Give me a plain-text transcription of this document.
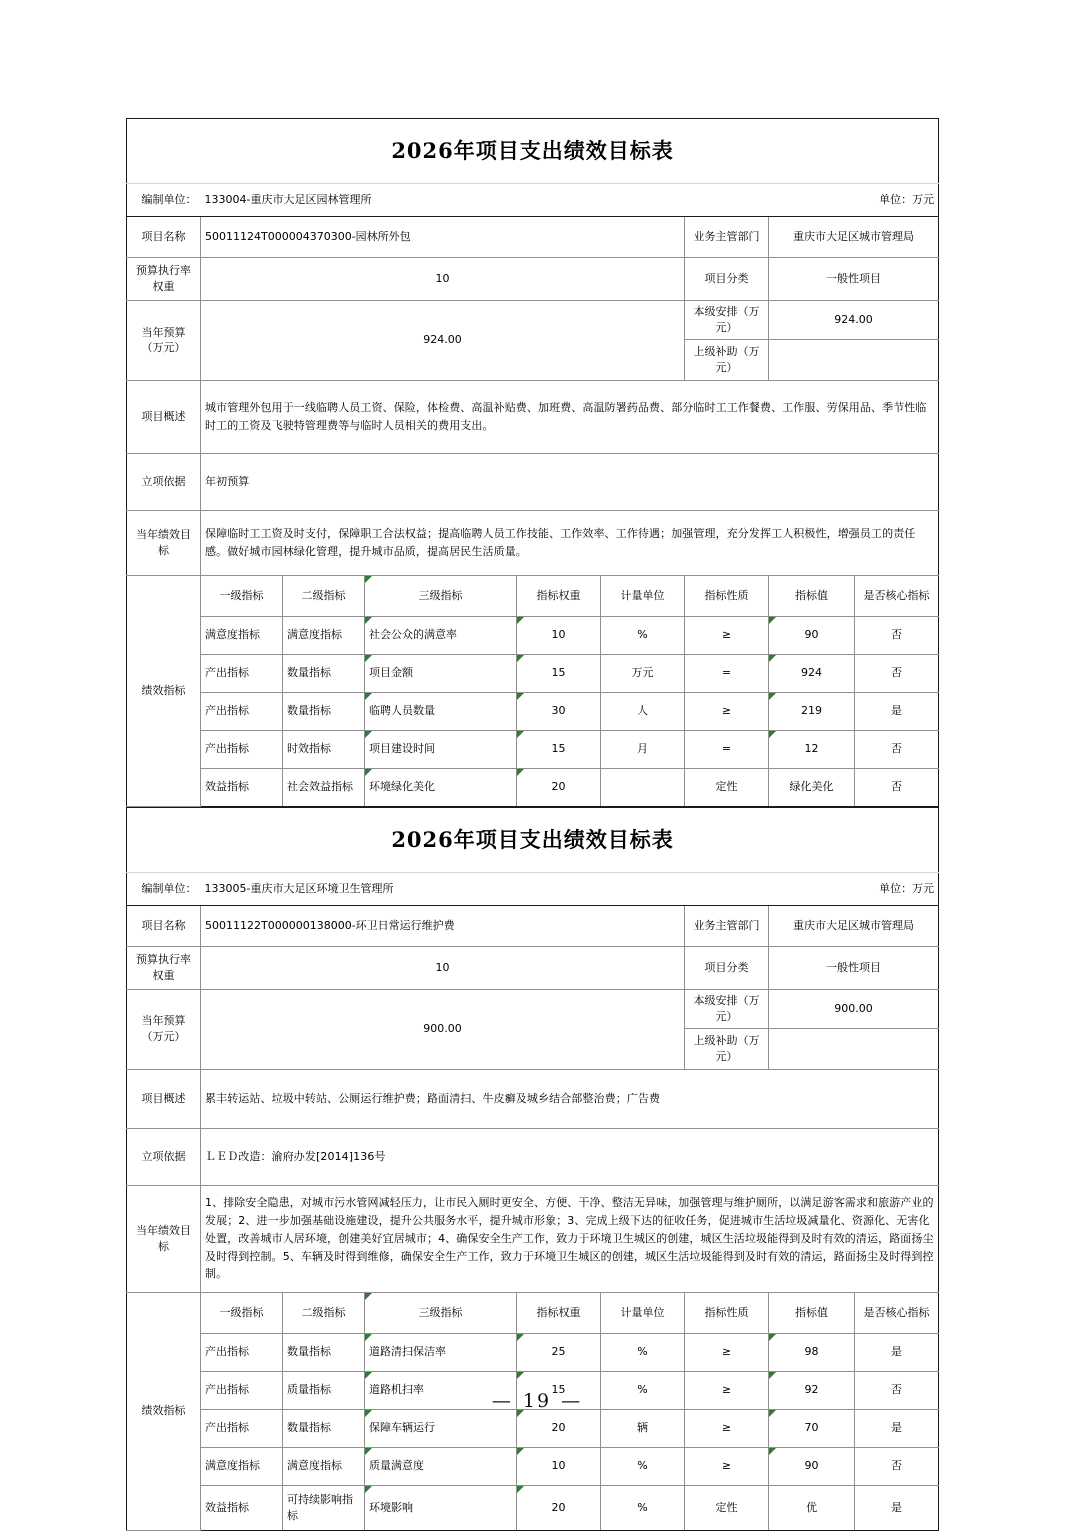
2026年项目支出绩效目标表								
编制单位：	133004-重庆市大足区园林管理所						单位：万元	
项目名称	50011124T000004370300-园林所外包					业务主管部门	重庆市大足区城市管理局	
预算执行率权重	10					项目分类	一般性项目	
当年预算（万元）	924.00					本级安排（万元）	924.00	
						上级补助（万元）		
项目概述	城市管理外包用于一线临聘人员工资、保险，体检费、高温补贴费、加班费、高温防署药品费、部分临时工工作餐费、工作服、劳保用品、季节性临时工的工资及飞驶特管理费等与临时人员相关的费用支出。							
立项依据	年初预算							
当年绩效目标	保障临时工工资及时支付，保障职工合法权益；提高临聘人员工作技能、工作效率、工作待遇；加强管理，充分发挥工人积极性，增强员工的责任感。做好城市园林绿化管理，提升城市品质，提高居民生活质量。							
绩效指标	一级指标	二级指标	三级指标	指标权重	计量单位	指标性质	指标值	是否核心指标
	满意度指标	满意度指标	社会公众的满意率	10	%	≥	90	否
	产出指标	数量指标	项目金额	15	万元	=	924	否
	产出指标	数量指标	临聘人员数量	30	人	≥	219	是
	产出指标	时效指标	项目建设时间	15	月	=	12	否
	效益指标	社会效益指标	环境绿化美化	20		定性	绿化美化	否
2026年项目支出绩效目标表								
编制单位：	133005-重庆市大足区环境卫生管理所						单位：万元	
项目名称	50011122T000000138000-环卫日常运行维护费					业务主管部门	重庆市大足区城市管理局	
预算执行率权重	10					项目分类	一般性项目	
当年预算（万元）	900.00					本级安排（万元）	900.00	
						上级补助（万元）		
项目概述	累丰转运站、垃圾中转站、公厕运行维护费；路面清扫、牛皮癣及城乡结合部整治费；广告费							
立项依据	ＬＥＤ改造：渝府办发[2014]136号							
当年绩效目标	1、排除安全隐患，对城市污水管网减轻压力，让市民入厕时更安全、方便、干净、整洁无异味，加强管理与维护厕所，以满足游客需求和旅游产业的发展；2、进一步加强基础设施建设，提升公共服务水平，提升城市形象；3、完成上级下达的征收任务，促进城市生活垃圾减量化、资源化、无害化处置，改善城市人居环境，创建美好宜居城市；4、确保安全生产工作，致力于环境卫生城区的创建，城区生活垃圾能得到及时有效的清运，路面扬尘及时得到控制。5、车辆及时得到维修，确保安全生产工作，致力于环境卫生城区的创建，城区生活垃圾能得到及时有效的清运，路面扬尘及时得到控制。							
绩效指标	一级指标	二级指标	三级指标	指标权重	计量单位	指标性质	指标值	是否核心指标
	产出指标	数量指标	道路清扫保洁率	25	%	≥	98	是
	产出指标	质量指标	道路机扫率	15	%	≥	92	否
	产出指标	数量指标	保障车辆运行	20	辆	≥	70	是
	满意度指标	满意度指标	质量满意度	10	%	≥	90	否
	效益指标	可持续影响指标	环境影响	20	%	定性	优	是
— 19 —
